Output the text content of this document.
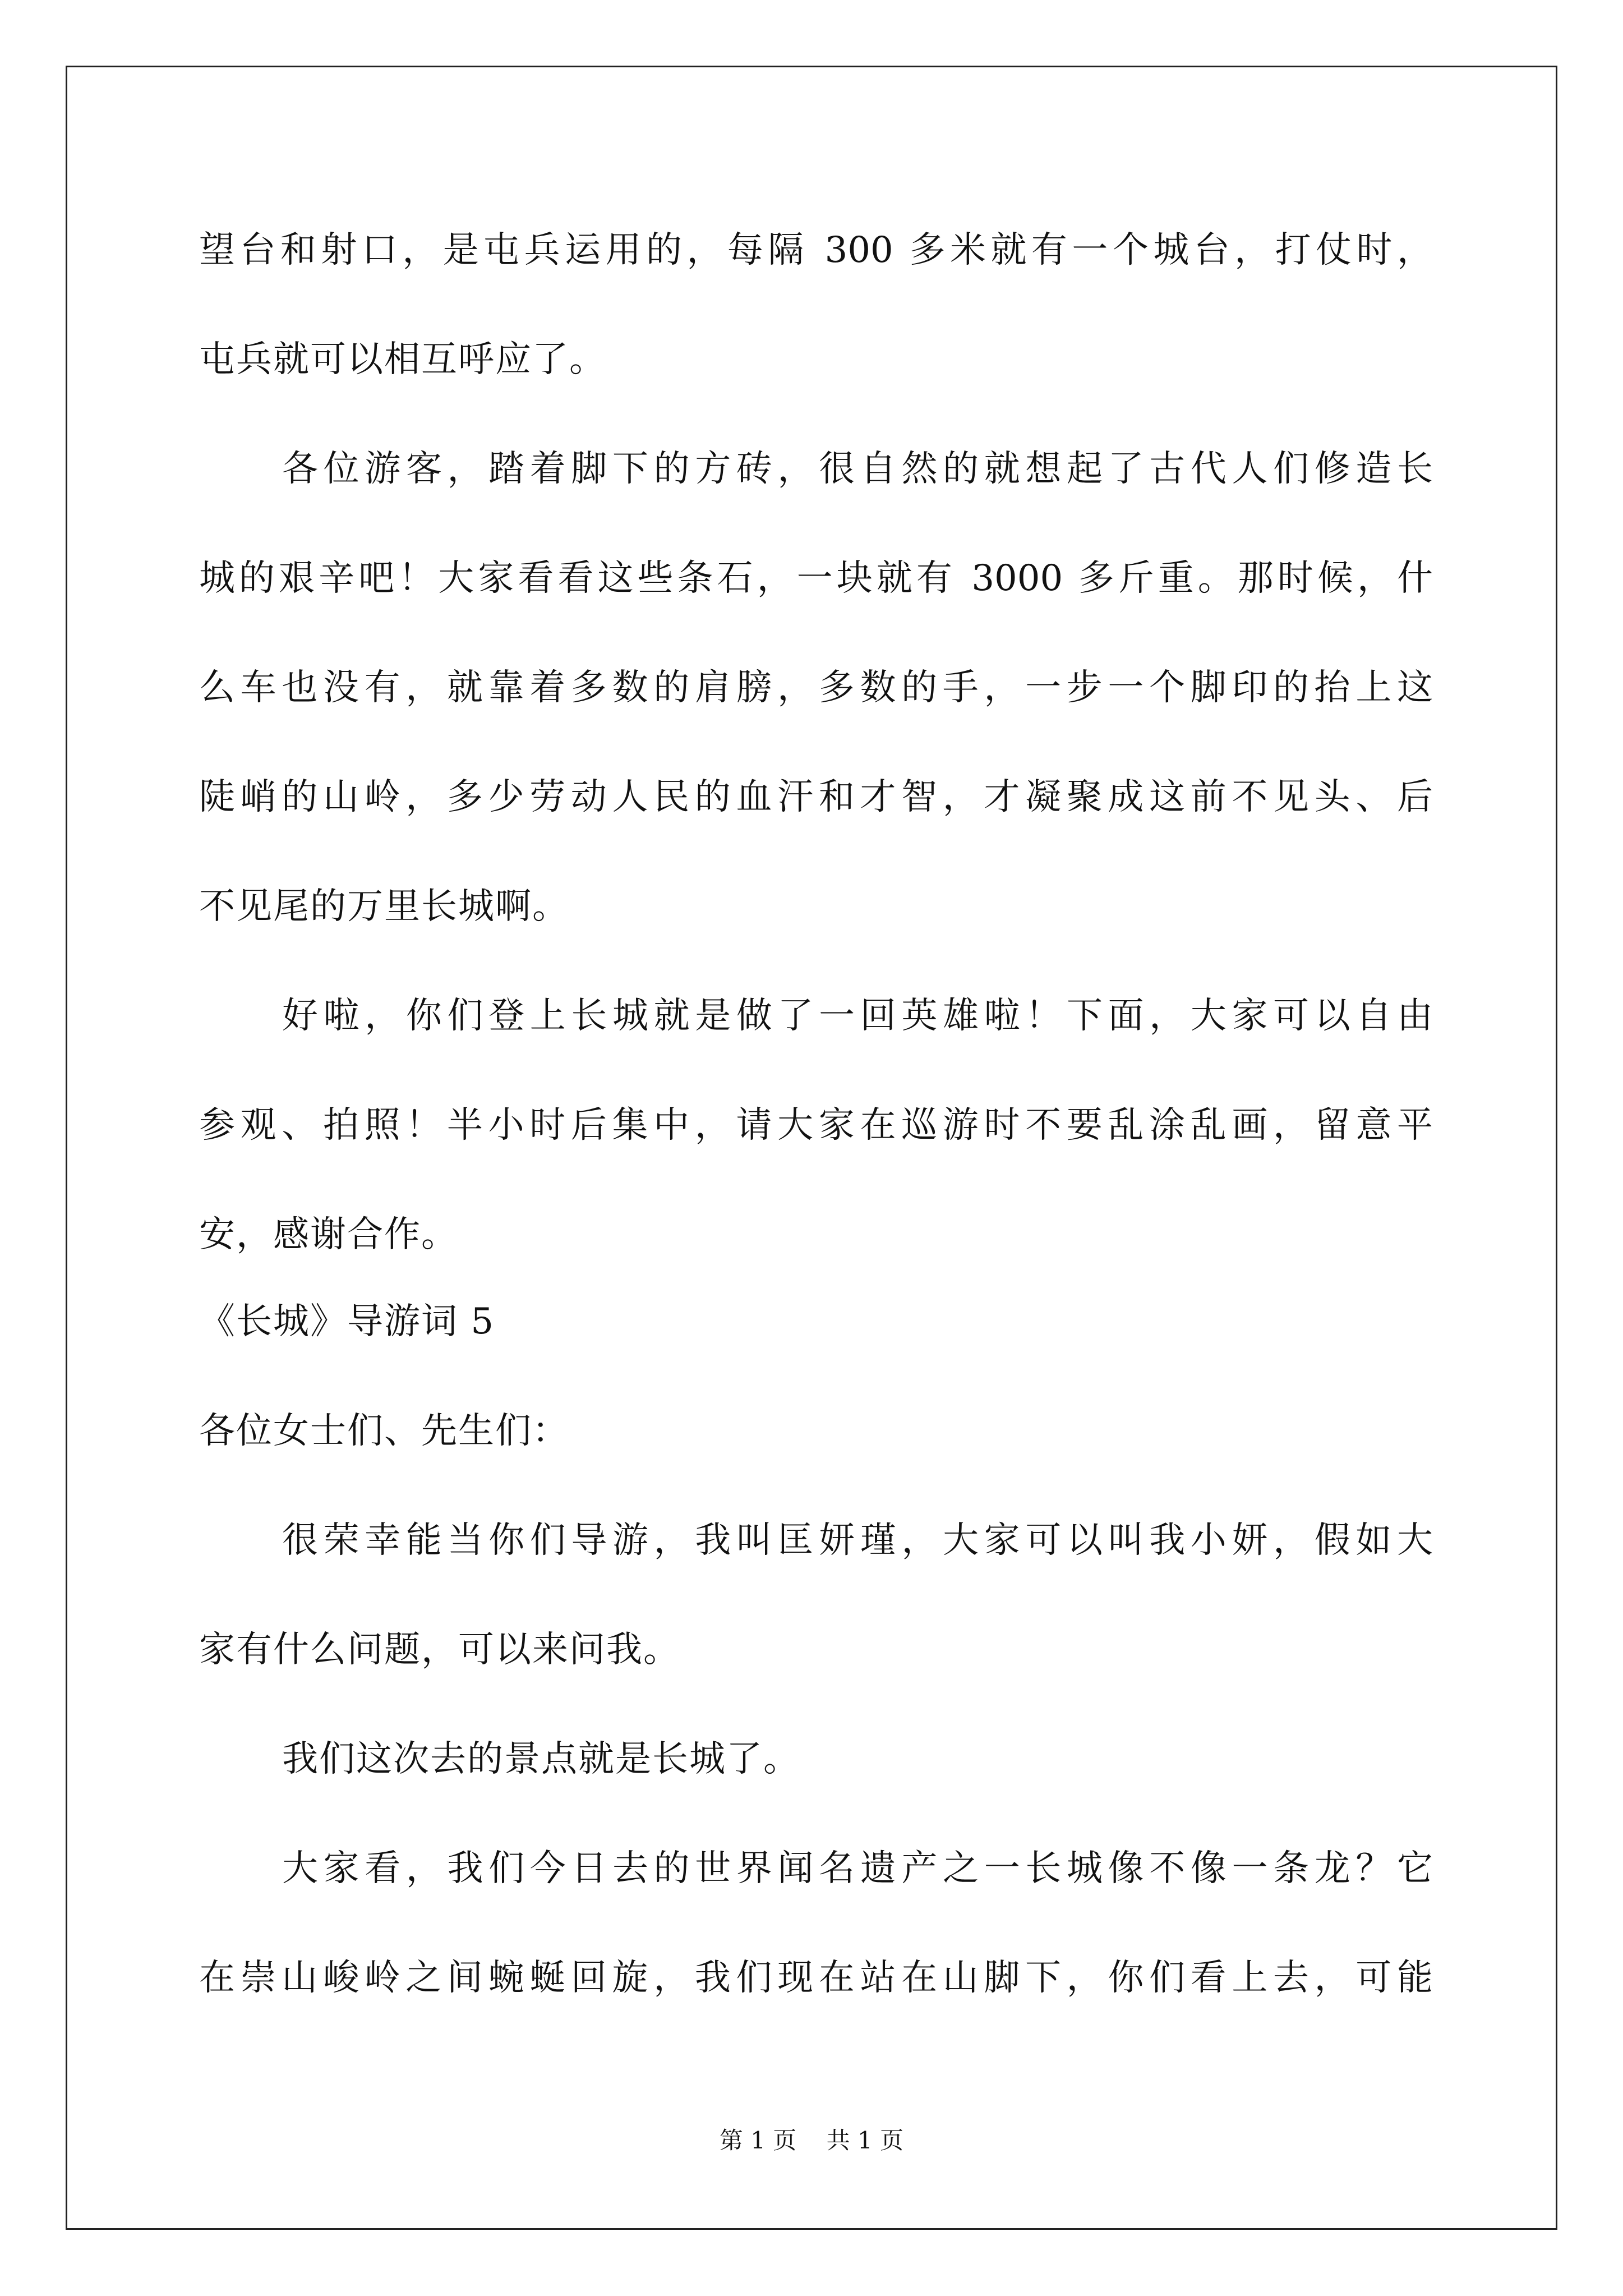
望台和射口，是屯兵运用的，每隔 300 多米就有一个城台，打仗时，
屯兵就可以相互呼应了。
各位游客，踏着脚下的方砖，很自然的就想起了古代人们修造长
城的艰辛吧！大家看看这些条石，一块就有 3000 多斤重。那时候，什
么车也没有，就靠着多数的肩膀，多数的手，一步一个脚印的抬上这
陡峭的山岭，多少劳动人民的血汗和才智，才凝聚成这前不见头、后
不见尾的万里长城啊。
好啦，你们登上长城就是做了一回英雄啦！下面，大家可以自由
参观、拍照！半小时后集中，请大家在巡游时不要乱涂乱画，留意平
安，感谢合作。
《长城》导游词 5
各位女士们、先生们：
很荣幸能当你们导游，我叫匡妍瑾，大家可以叫我小妍，假如大
家有什么问题，可以来问我。
我们这次去的景点就是长城了。
大家看，我们今日去的世界闻名遗产之一长城像不像一条龙？它
在崇山峻岭之间蜿蜒回旋，我们现在站在山脚下，你们看上去，可能
第 1 页    共 1 页
